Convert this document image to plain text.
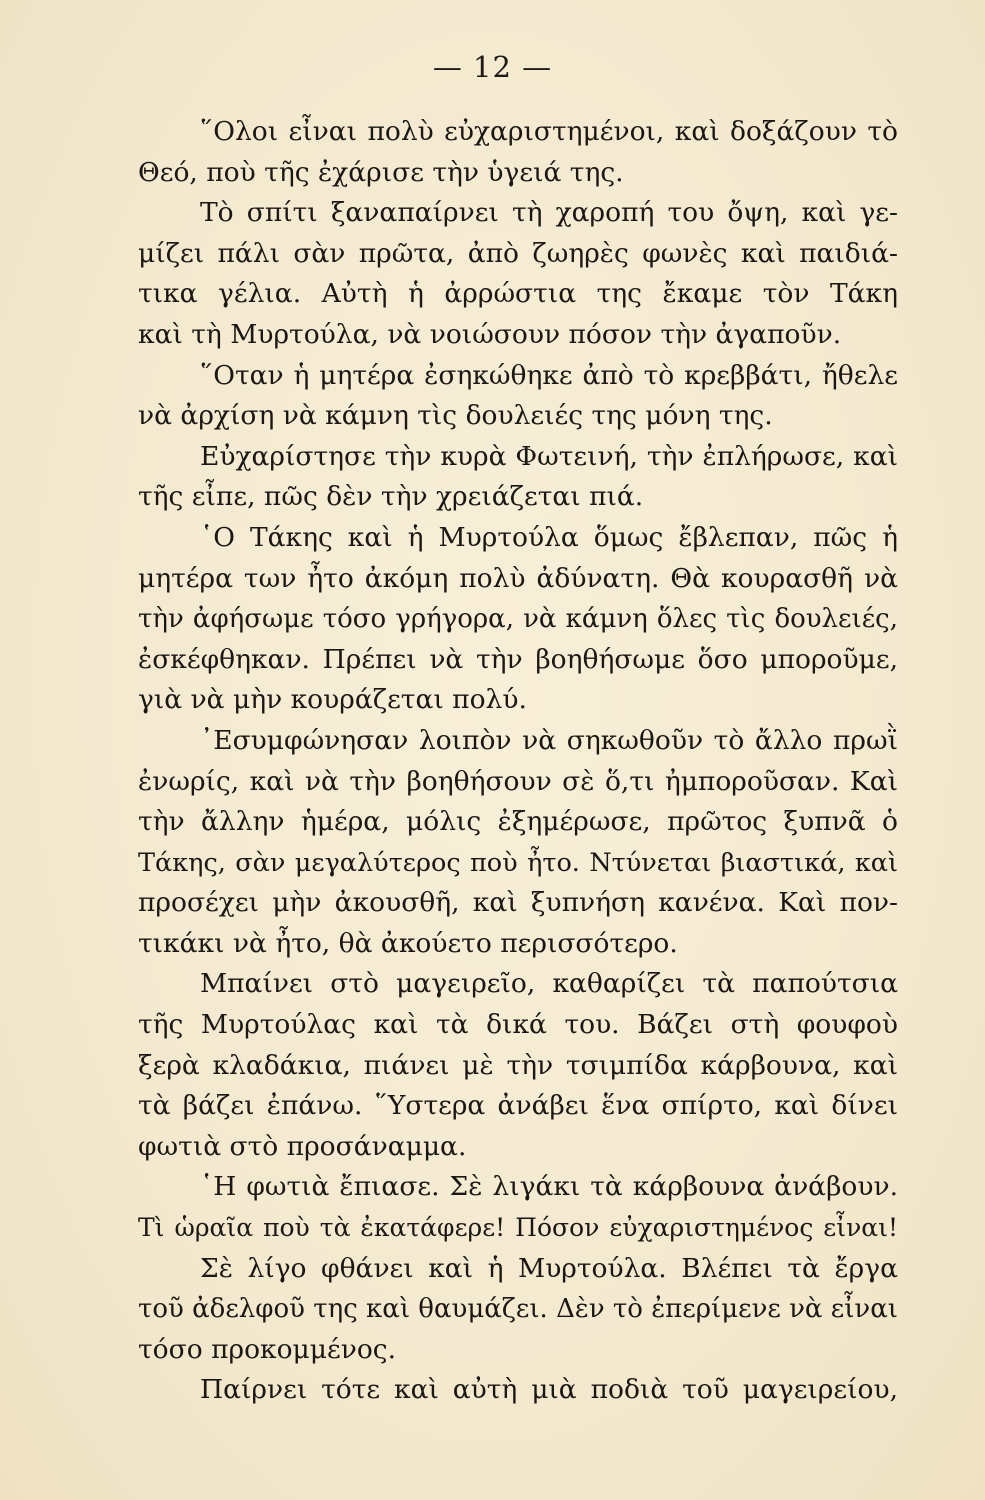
— 12 —
῞Ολοι εἶναι πολὺ εὐχαριστημένοι, καὶ δοξάζουν τὸ
Θεό, ποὺ τῆς ἐχάρισε τὴν ὑγειά της.
Τὸ σπίτι ξαναπαίρνει τὴ χαροπή του ὄψη, καὶ γε-
μίζει πάλι σὰν πρῶτα, ἀπὸ ζωηρὲς φωνὲς καὶ παιδιά-
τικα γέλια. Αὐτὴ ἡ ἀρρώστια της ἔκαμε τὸν Τάκη
καὶ τὴ Μυρτούλα, νὰ νοιώσουν πόσον τὴν ἀγαποῦν.
῞Οταν ἡ μητέρα ἐσηκώθηκε ἀπὸ τὸ κρεββάτι, ἤθελε
νὰ ἀρχίση νὰ κάμνη τὶς δουλειές της μόνη της.
Εὐχαρίστησε τὴν κυρὰ Φωτεινή, τὴν ἐπλήρωσε, καὶ
τῆς εἶπε, πῶς δὲν τὴν χρειάζεται πιά.
῾Ο Τάκης καὶ ἡ Μυρτούλα ὅμως ἔβλεπαν, πῶς ἡ
μητέρα των ἦτο ἀκόμη πολὺ ἀδύνατη. Θὰ κουρασθῆ νὰ
τὴν ἀφήσωμε τόσο γρήγορα, νὰ κάμνη ὅλες τὶς δουλειές,
ἐσκέφθηκαν. Πρέπει νὰ τὴν βοηθήσωμε ὅσο μποροῦμε,
γιὰ νὰ μὴν κουράζεται πολύ.
᾿Εσυμφώνησαν λοιπὸν νὰ σηκωθοῦν τὸ ἄλλο πρωῒ
ἐνωρίς, καὶ νὰ τὴν βοηθήσουν σὲ ὅ,τι ἠμποροῦσαν. Καὶ
τὴν ἄλλην ἡμέρα, μόλις ἐξημέρωσε, πρῶτος ξυπνᾶ ὁ
Τάκης, σὰν μεγαλύτερος ποὺ ἦτο. Ντύνεται βιαστικά, καὶ
προσέχει μὴν ἀκουσθῆ, καὶ ξυπνήση κανένα. Καὶ πον-
τικάκι νὰ ἦτο, θὰ ἀκούετο περισσότερο.
Μπαίνει στὸ μαγειρεῖο, καθαρίζει τὰ παπούτσια
τῆς Μυρτούλας καὶ τὰ δικά του. Βάζει στὴ φουφοὺ
ξερὰ κλαδάκια, πιάνει μὲ τὴν τσιμπίδα κάρβουνα, καὶ
τὰ βάζει ἐπάνω. ῞Υστερα ἀνάβει ἕνα σπίρτο, καὶ δίνει
φωτιὰ στὸ προσάναμμα.
῾Η φωτιὰ ἔπιασε. Σὲ λιγάκι τὰ κάρβουνα ἀνάβουν.
Τὶ ὡραῖα ποὺ τὰ ἐκατάφερε! Πόσον εὐχαριστημένος εἶναι!
Σὲ λίγο φθάνει καὶ ἡ Μυρτούλα. Βλέπει τὰ ἔργα
τοῦ ἀδελφοῦ της καὶ θαυμάζει. Δὲν τὸ ἐπερίμενε νὰ εἶναι
τόσο προκομμένος.
Παίρνει τότε καὶ αὐτὴ μιὰ ποδιὰ τοῦ μαγειρείου,
